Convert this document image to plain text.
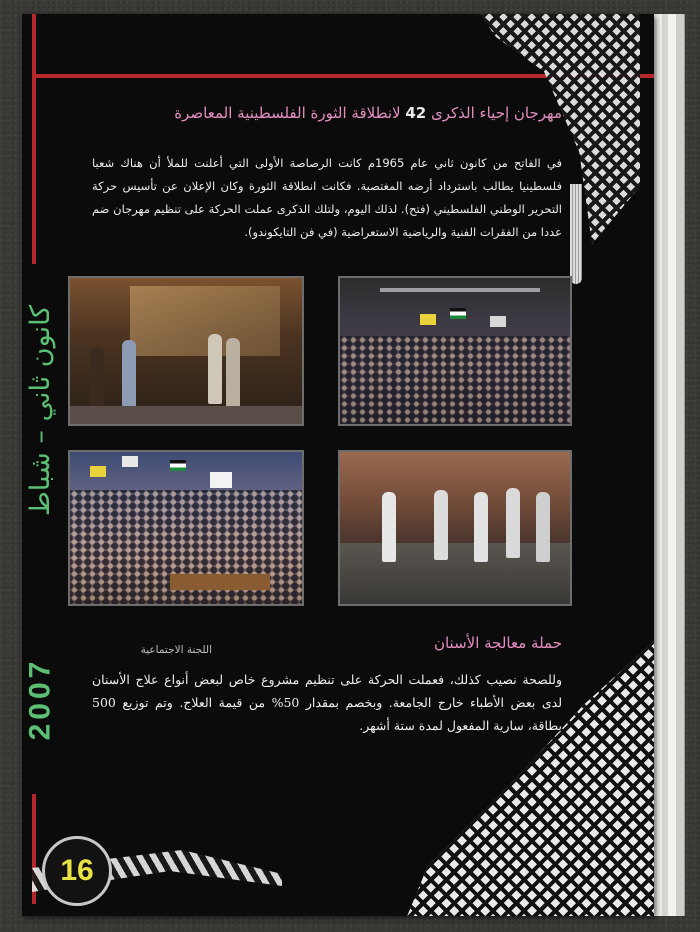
كانون ثاني – شباط
2007
مهرجان إحياء الذكرى 42 لانطلاقة الثورة الفلسطينية المعاصرة
في الفاتح من كانون ثاني عام 1965م كانت الرصاصة الأولى التي أعلنت للملأ أن هناك شعبا فلسطينيا يطالب باسترداد أرضه المغتصبة. فكانت انطلاقة الثورة وكان الإعلان عن تأسيس حركة التحرير الوطني الفلسطيني (فتح). لذلك اليوم، ولتلك الذكرى عملت الحركة على تنظيم مهرجان ضم عددا من الفقرات الفنية والرياضية الاستعراضية (في فن التايكوندو).
حملة معالجة الأسنان
اللجنة الاجتماعية
وللصحة نصيب كذلك، فعملت الحركة على تنظيم مشروع خاص لبعض أنواع علاج الأسنان لدى بعض الأطباء خارج الجامعة. وبخصم بمقدار 50% من قيمة العلاج. وتم توزيع 500 بطاقة، سارية المفعول لمدة ستة أشهر.
16
